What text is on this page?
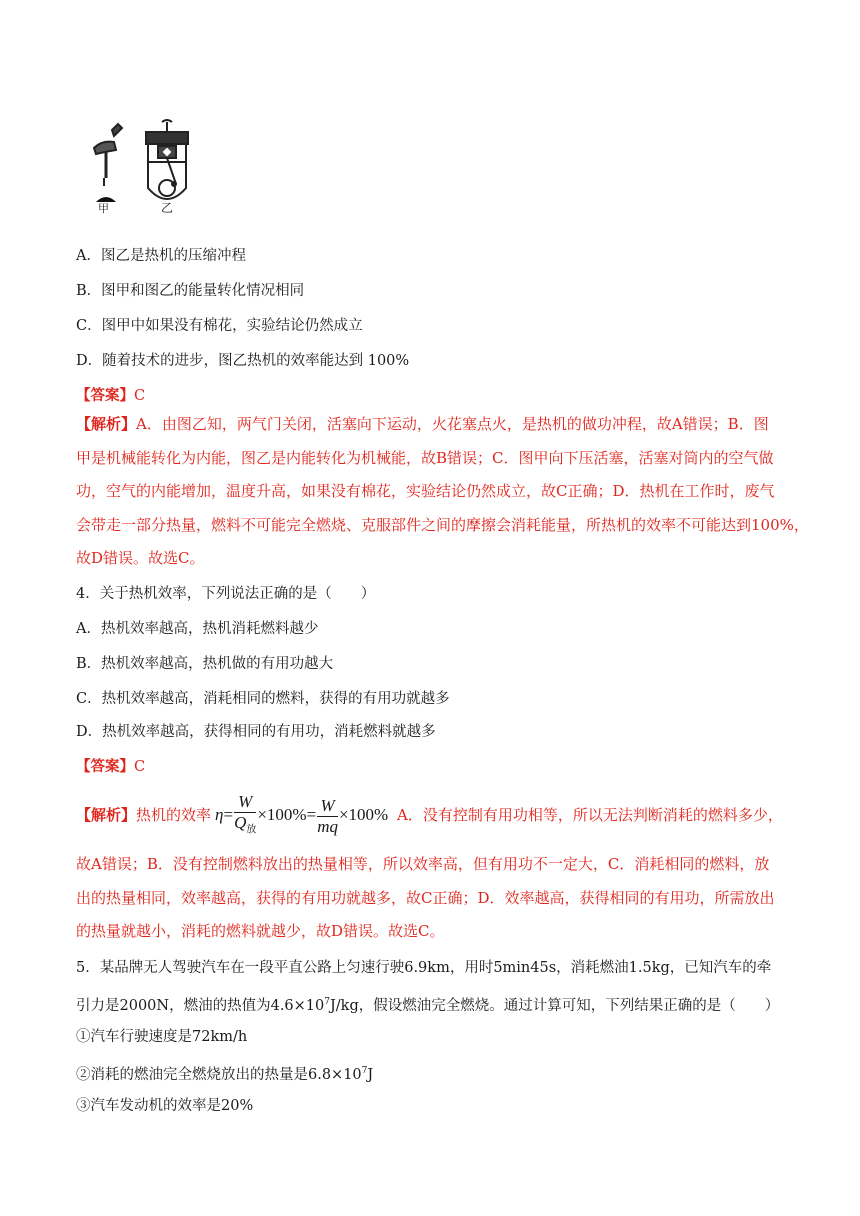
甲	乙
A．图乙是热机的压缩冲程
B．图甲和图乙的能量转化情况相同
C．图甲中如果没有棉花，实验结论仍然成立
D．随着技术的进步，图乙热机的效率能达到 100%
【答案】C
【解析】A．由图乙知，两气门关闭，活塞向下运动，火花塞点火，是热机的做功冲程，故A错误；B．图
甲是机械能转化为内能，图乙是内能转化为机械能，故B错误；C．图甲向下压活塞，活塞对筒内的空气做
功，空气的内能增加，温度升高，如果没有棉花，实验结论仍然成立，故C正确；D．热机在工作时，废气
会带走一部分热量，燃料不可能完全燃烧、克服部件之间的摩擦会消耗能量，所热机的效率不可能达到100%，
故D错误。故选C。
4．关于热机效率，下列说法正确的是（　　）
A．热机效率越高，热机消耗燃料越少
B．热机效率越高，热机做的有用功越大
C．热机效率越高，消耗相同的燃料，获得的有用功就越多
D．热机效率越高，获得相同的有用功，消耗燃料就越多
【答案】C
【解析】热机的效率 $\eta= \frac{W}{Q_放} \times 100\%= \frac{W}{mq} \times 100\%$ A．没有控制有用功相等，所以无法判断消耗的燃料多少，
故A错误；B．没有控制燃料放出的热量相等，所以效率高，但有用功不一定大，C．消耗相同的燃料，放
出的热量相同，效率越高，获得的有用功就越多，故C正确；D．效率越高，获得相同的有用功，所需放出
的热量就越小，消耗的燃料就越少，故D错误。故选C。
5．某品牌无人驾驶汽车在一段平直公路上匀速行驶6.9km，用时5min45s，消耗燃油1.5kg，已知汽车的牵
引力是2000N，燃油的热值为$4.6\times 10^7J/kg$，假设燃油完全燃烧。通过计算可知，下列结果正确的是（　　）
①汽车行驶速度是72km/h
②消耗的燃油完全燃烧放出的热量是$6.8\times 10^7J$
③汽车发动机的效率是20%
